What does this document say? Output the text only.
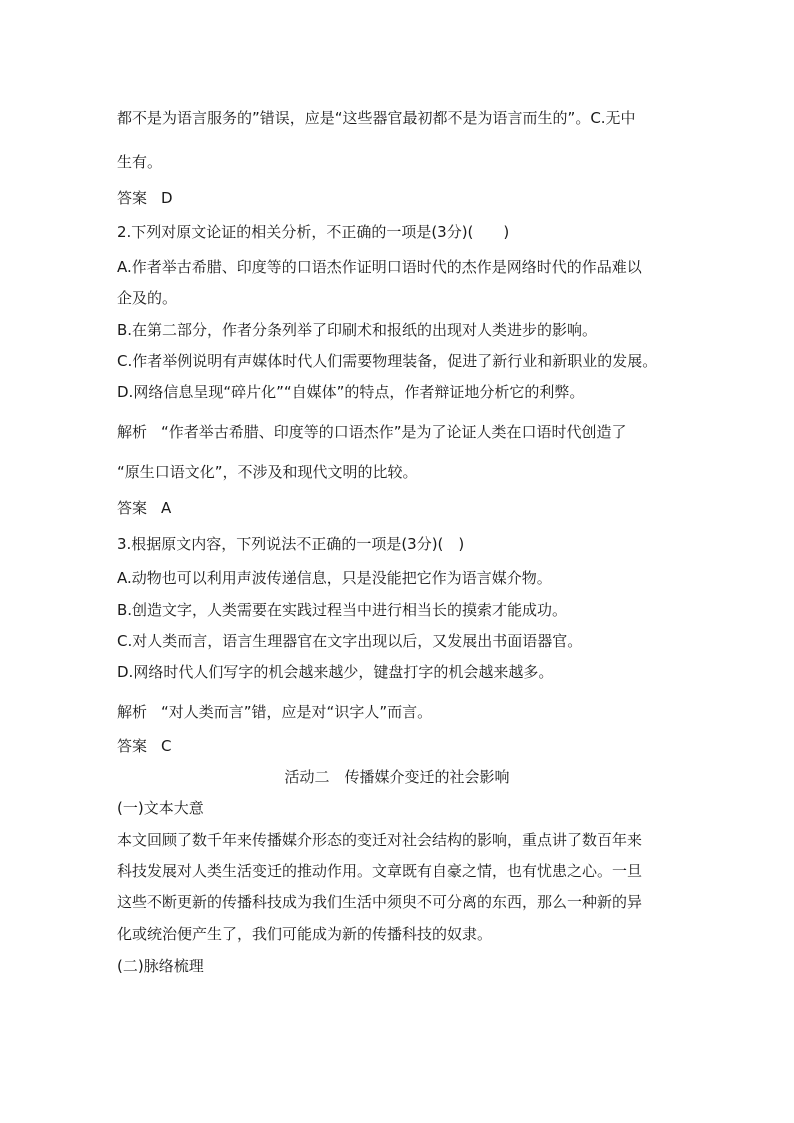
都不是为语言服务的”错误，应是“这些器官最初都不是为语言而生的”。C.无中
生有。
答案 D
2.下列对原文论证的相关分析，不正确的一项是(3分)(　　)
A.作者举古希腊、印度等的口语杰作证明口语时代的杰作是网络时代的作品难以
企及的。
B.在第二部分，作者分条列举了印刷术和报纸的出现对人类进步的影响。
C.作者举例说明有声媒体时代人们需要物理装备，促进了新行业和新职业的发展。
D.网络信息呈现“碎片化”“自媒体”的特点，作者辩证地分析它的利弊。
解析 “作者举古希腊、印度等的口语杰作”是为了论证人类在口语时代创造了
“原生口语文化”，不涉及和现代文明的比较。
答案 A
3.根据原文内容，下列说法不正确的一项是(3分)(　)
A.动物也可以利用声波传递信息，只是没能把它作为语言媒介物。
B.创造文字，人类需要在实践过程当中进行相当长的摸索才能成功。
C.对人类而言，语言生理器官在文字出现以后，又发展出书面语器官。
D.网络时代人们写字的机会越来越少，键盘打字的机会越来越多。
解析 “对人类而言”错，应是对“识字人”而言。
答案 C
活动二　传播媒介变迁的社会影响
(一)文本大意
本文回顾了数千年来传播媒介形态的变迁对社会结构的影响，重点讲了数百年来
科技发展对人类生活变迁的推动作用。文章既有自豪之情，也有忧患之心。一旦
这些不断更新的传播科技成为我们生活中须臾不可分离的东西，那么一种新的异
化或统治便产生了，我们可能成为新的传播科技的奴隶。
(二)脉络梳理
